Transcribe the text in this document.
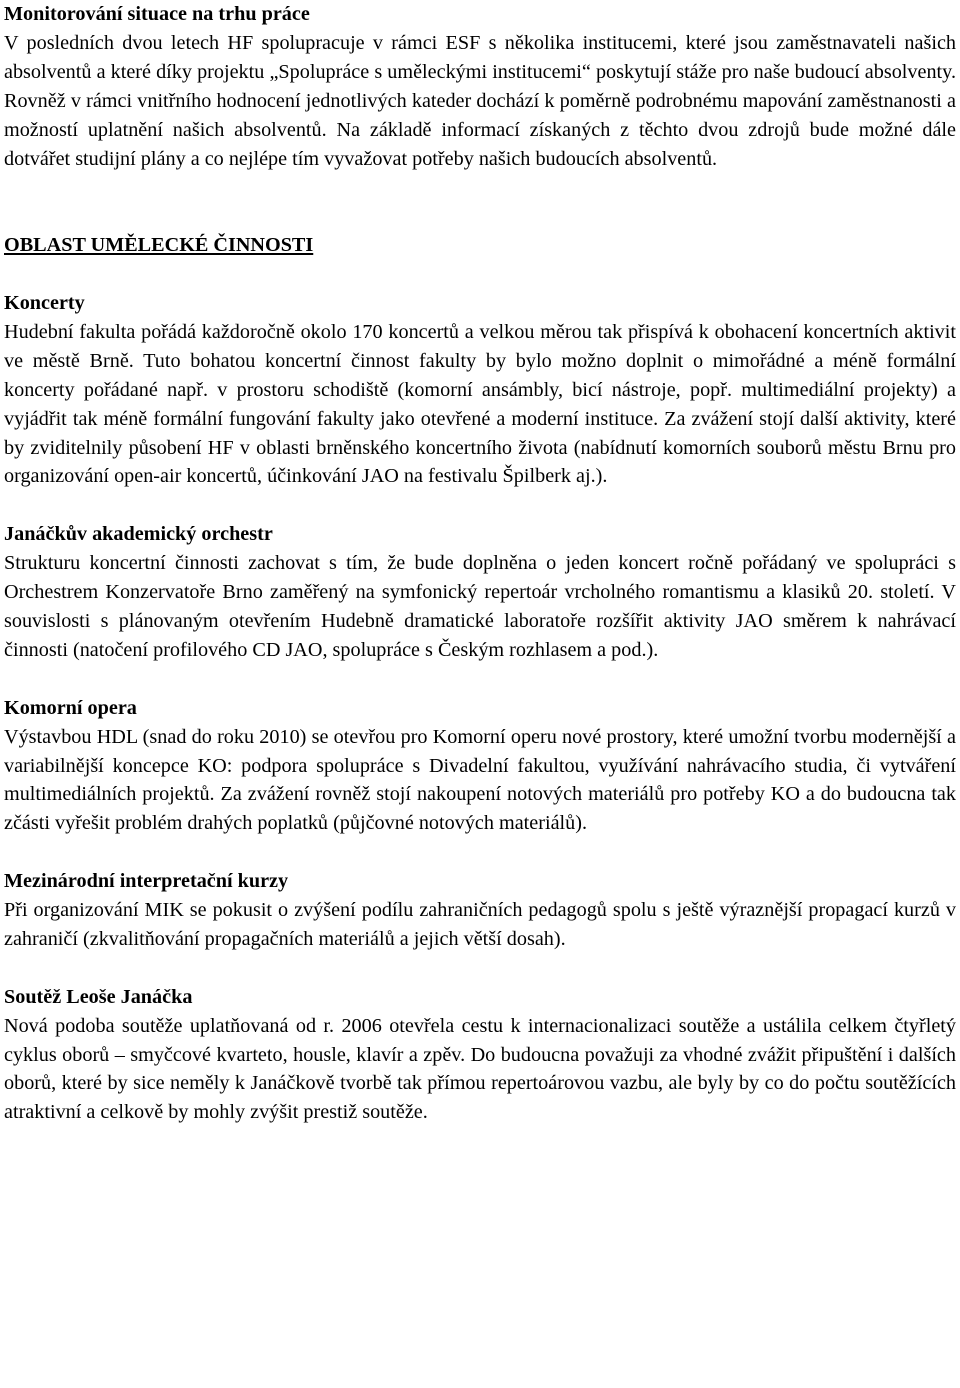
Monitorování situace na trhu práce

V posledních dvou letech HF spolupracuje v rámci ESF s několika institucemi, které jsou zaměstnavateli našich absolventů a které díky projektu „Spolupráce s uměleckými institucemi“ poskytují stáže pro naše budoucí absolventy. Rovněž v rámci vnitřního hodnocení jednotlivých kateder dochází k poměrně podrobnému mapování zaměstnanosti a možností uplatnění našich absolventů. Na základě informací získaných z těchto dvou zdrojů bude možné dále dotvářet studijní plány a co nejlépe tím vyvažovat potřeby našich budoucích absolventů.

OBLAST UMĚLECKÉ ČINNOSTI

Koncerty

Hudební fakulta pořádá každoročně okolo 170 koncertů a velkou měrou tak přispívá k obohacení koncertních aktivit ve městě Brně. Tuto bohatou koncertní činnost fakulty by bylo možno doplnit o mimořádné a méně formální koncerty pořádané např. v prostoru schodiště (komorní ansámbly, bicí nástroje, popř. multimediální projekty) a vyjádřit tak méně formální fungování fakulty jako otevřené a moderní instituce. Za zvážení stojí další aktivity, které by zviditelnily působení HF v oblasti brněnského koncertního života (nabídnutí komorních souborů městu Brnu pro organizování open-air koncertů, účinkování JAO na festivalu Špilberk aj.).

Janáčkův akademický orchestr

Strukturu koncertní činnosti zachovat s tím, že bude doplněna o jeden koncert ročně pořádaný ve spolupráci s Orchestrem Konzervatoře Brno zaměřený na symfonický repertoár vrcholného romantismu a klasiků 20. století. V souvislosti s plánovaným otevřením Hudebně dramatické laboratoře rozšířit aktivity JAO směrem k nahrávací činnosti (natočení profilového CD JAO, spolupráce s Českým rozhlasem a pod.).

Komorní opera

Výstavbou HDL (snad do roku 2010) se otevřou pro Komorní operu nové prostory, které umožní tvorbu modernější a variabilnější koncepce KO: podpora spolupráce s Divadelní fakultou, využívání nahrávacího studia, či vytváření multimediálních projektů. Za zvážení rovněž stojí nakoupení notových materiálů pro potřeby KO a do budoucna tak zčásti vyřešit problém drahých poplatků (půjčovné notových materiálů).

Mezinárodní interpretační kurzy

Při organizování MIK se pokusit o zvýšení podílu zahraničních pedagogů spolu s ještě výraznější propagací kurzů v zahraničí (zkvalitňování propagačních materiálů a jejich větší dosah).

Soutěž Leoše Janáčka

Nová podoba soutěže uplatňovaná od r. 2006 otevřela cestu k internacionalizaci soutěže a ustálila celkem čtyřletý cyklus oborů – smyčcové kvarteto, housle, klavír a zpěv. Do budoucna považuji za vhodné zvážit připuštění i dalších oborů, které by sice neměly k Janáčkově tvorbě tak přímou repertoárovou vazbu, ale byly by co do počtu soutěžících atraktivní a celkově by mohly zvýšit prestiž soutěže.
